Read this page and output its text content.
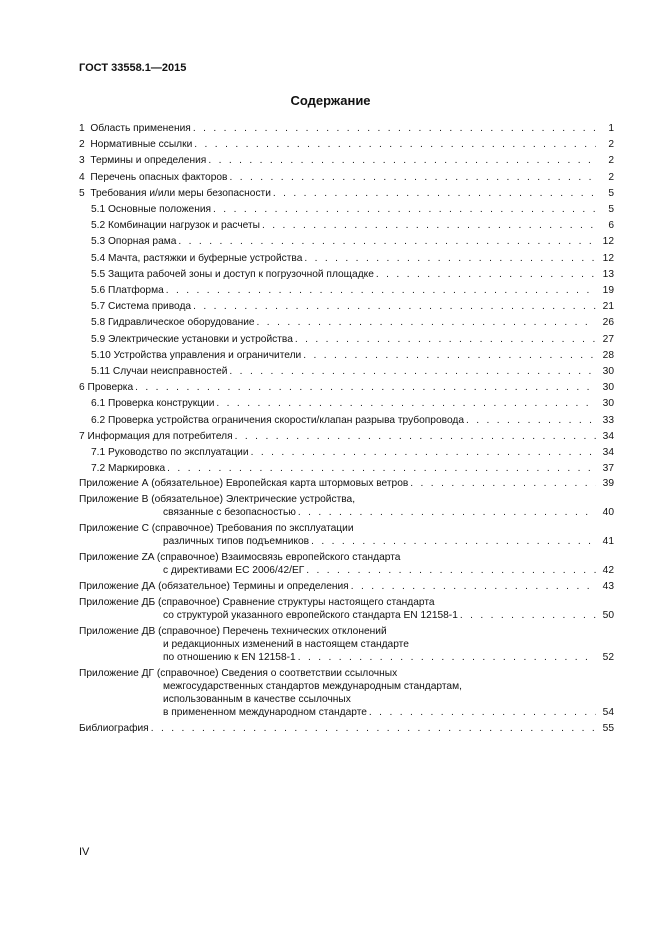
ГОСТ 33558.1—2015
Содержание
1  Область применения . . .	1
2  Нормативные ссылки . . .	2
3  Термины и определения . . .	2
4  Перечень опасных факторов . . .	2
5  Требования и/или меры безопасности . . .	5
5.1 Основные положения . . .	5
5.2 Комбинации нагрузок и расчеты . . .	6
5.3 Опорная рама . . .	12
5.4 Мачта, растяжки и буферные устройства . . .	12
5.5 Защита рабочей зоны и доступ к погрузочной площадке . . .	13
5.6 Платформа . . .	19
5.7 Система привода . . .	21
5.8 Гидравлическое оборудование . . .	26
5.9 Электрические установки и устройства . . .	27
5.10 Устройства управления и ограничители . . .	28
5.11 Случаи неисправностей . . .	30
6 Проверка . . .	30
6.1 Проверка конструкции . . .	30
6.2 Проверка устройства ограничения скорости/клапан разрыва трубопровода . . .	33
7 Информация для потребителя . . .	34
7.1 Руководство по эксплуатации . . .	34
7.2 Маркировка . . .	37
Приложение А (обязательное) Европейская карта штормовых ветров . . .	39
Приложение В (обязательное) Электрические устройства,
связанные с безопасностью . . .	40
Приложение С (справочное) Требования по эксплуатации
различных типов подъемников . . .	41
Приложение ZA (справочное) Взаимосвязь европейского стандарта
с директивами ЕС 2006/42/ЕГ . . .	42
Приложение ДА (обязательное) Термины и определения . . .	43
Приложение ДБ (справочное) Сравнение структуры настоящего стандарта
со структурой указанного европейского стандарта EN 12158-1 . . .	50
Приложение ДВ (справочное) Перечень технических отклонений
и редакционных изменений в настоящем стандарте
по отношению к EN 12158-1 . . .	52
Приложение ДГ (справочное) Сведения о соответствии ссылочных
межгосударственных стандартов международным стандартам,
использованным в качестве ссылочных
в примененном международном стандарте . . .	54
Библиография . . .	55
IV
